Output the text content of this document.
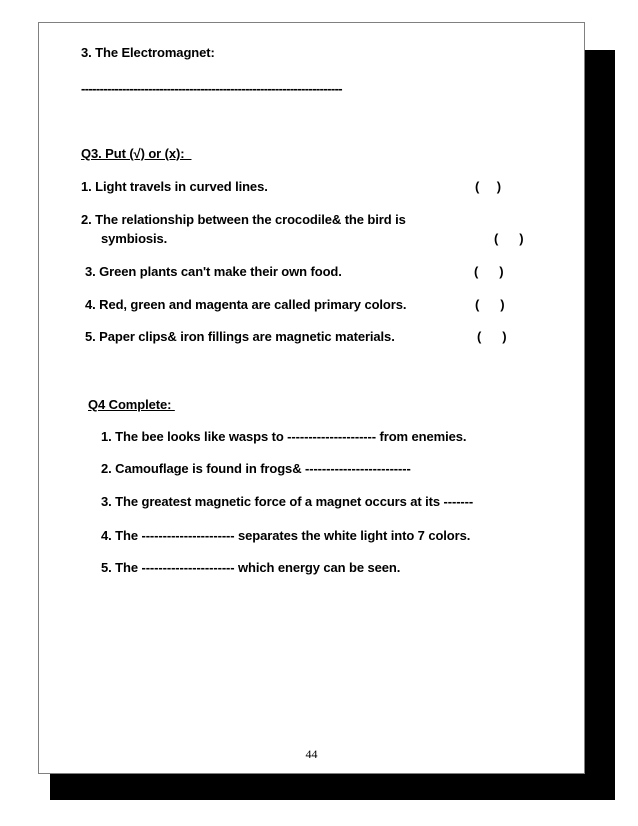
3. The Electromagnet:
----------------------------------------------------------------------
Q3. Put (√) or (x):
1. Light travels in curved lines.	(     )
2. The relationship between the crocodile& the bird is
symbiosis.	(      )
3. Green plants can't make their own food.	(      )
4. Red, green and magenta are called primary colors.	(      )
5. Paper clips& iron fillings are magnetic materials.	(      )
Q4 Complete:
1. The bee looks like wasps to --------------------- from enemies.
2. Camouflage is found in frogs& -------------------------
3. The greatest magnetic force of a magnet occurs at its -------
4. The ---------------------- separates the white light into 7 colors.
5. The ---------------------- which energy can be seen.
44
